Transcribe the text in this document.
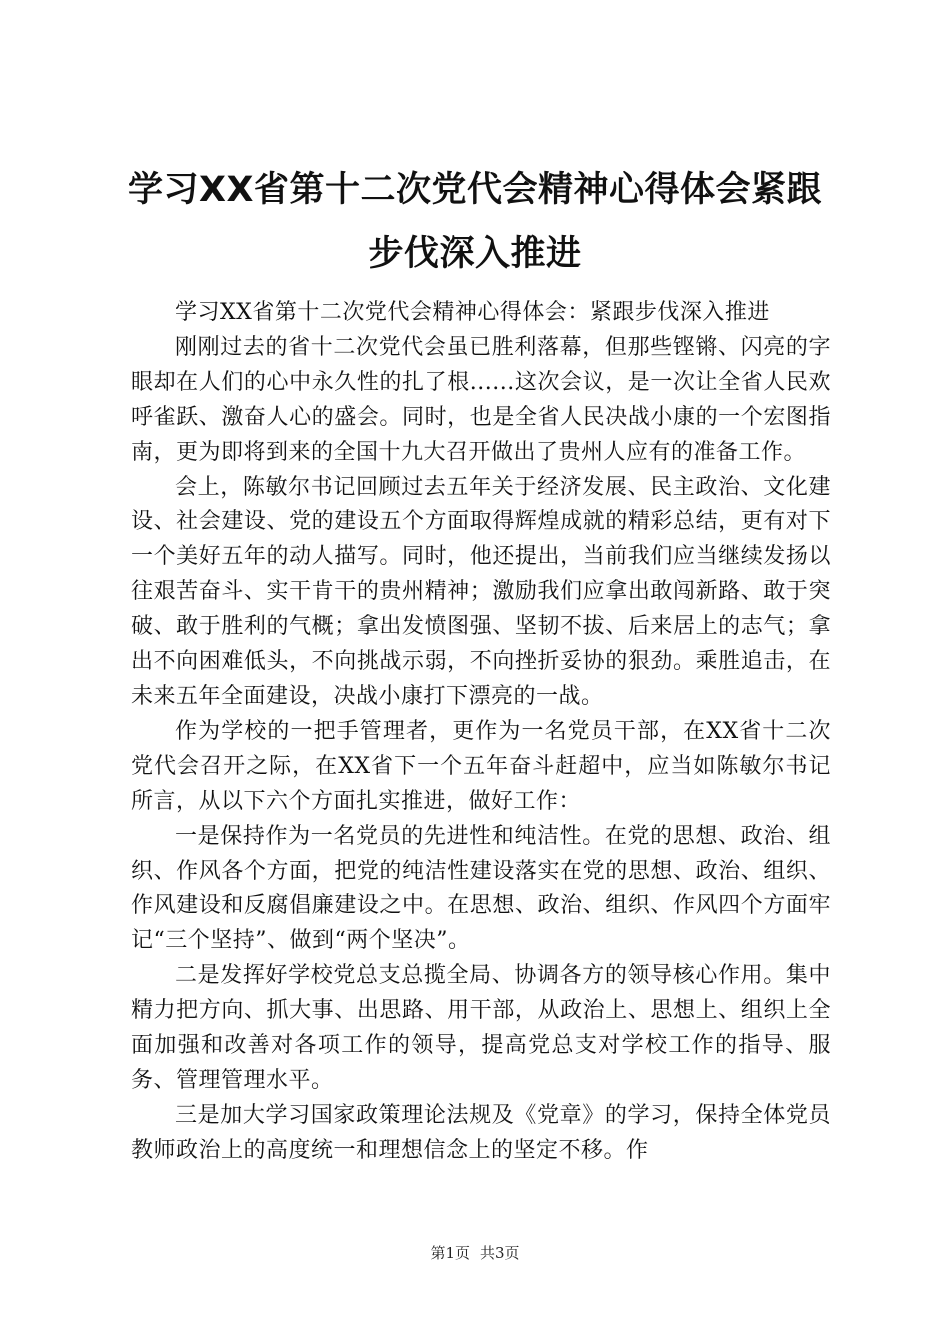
学习XX省第十二次党代会精神心得体会紧跟
步伐深入推进

学习XX省第十二次党代会精神心得体会：紧跟步伐深入推进

刚刚过去的省十二次党代会虽已胜利落幕，但那些铿锵、闪亮的字眼却在人们的心中永久性的扎了根......这次会议，是一次让全省人民欢呼雀跃、激奋人心的盛会。同时，也是全省人民决战小康的一个宏图指南，更为即将到来的全国十九大召开做出了贵州人应有的准备工作。

会上，陈敏尔书记回顾过去五年关于经济发展、民主政治、文化建设、社会建设、党的建设五个方面取得辉煌成就的精彩总结，更有对下一个美好五年的动人描写。同时，他还提出，当前我们应当继续发扬以往艰苦奋斗、实干肯干的贵州精神；激励我们应拿出敢闯新路、敢于突破、敢于胜利的气概；拿出发愤图强、坚韧不拔、后来居上的志气；拿出不向困难低头，不向挑战示弱，不向挫折妥协的狠劲。乘胜追击，在未来五年全面建设，决战小康打下漂亮的一战。

作为学校的一把手管理者，更作为一名党员干部，在XX省十二次党代会召开之际，在XX省下一个五年奋斗赶超中，应当如陈敏尔书记所言，从以下六个方面扎实推进，做好工作：

一是保持作为一名党员的先进性和纯洁性。在党的思想、政治、组织、作风各个方面，把党的纯洁性建设落实在党的思想、政治、组织、作风建设和反腐倡廉建设之中。在思想、政治、组织、作风四个方面牢记“三个坚持”、做到“两个坚决”。

二是发挥好学校党总支总揽全局、协调各方的领导核心作用。集中精力把方向、抓大事、出思路、用干部，从政治上、思想上、组织上全面加强和改善对各项工作的领导，提高党总支对学校工作的指导、服务、管理管理水平。

三是加大学习国家政策理论法规及《党章》的学习，保持全体党员教师政治上的高度统一和理想信念上的坚定不移。作

第1页 共3页
